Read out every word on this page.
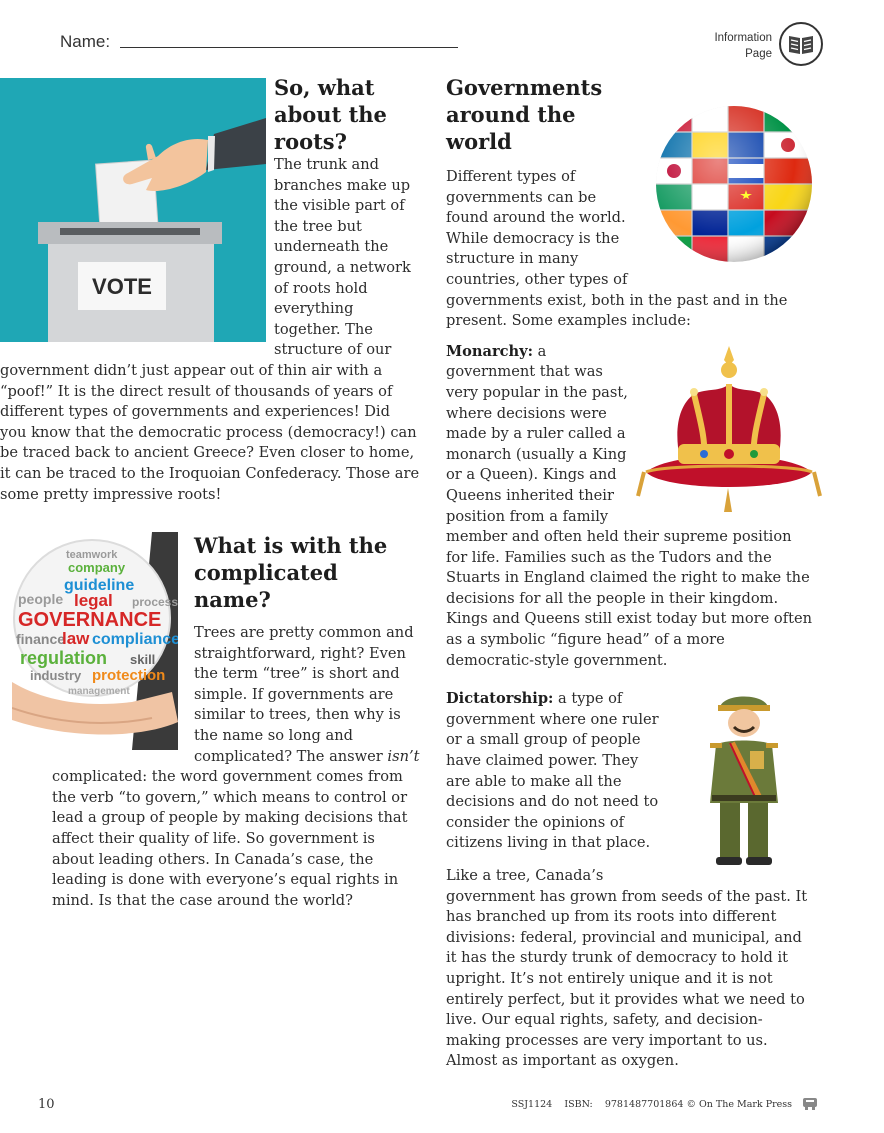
Name:	Information
Page
VOTE
So, what about the roots?

The trunk and branches make up the visible part of the tree but underneath the ground, a network of roots hold everything together. The structure of our government didn’t just appear out of thin air with a “poof!” It is the direct result of thousands of years of different types of governments and experiences! Did you know that the democratic process (democracy!) can be traced back to ancient Greece? Even closer to home, it can be traced to the Iroquoian Confederacy. Those are some pretty impressive roots!

teamwork
company
guideline
people legal process
GOVERNANCE
finance
law compliance
regulation skill
industry protection
management
What is with the complicated name?

Trees are pretty common and straightforward, right? Even the term “tree” is short and simple. If governments are similar to trees, then why is the name so long and complicated? The answer isn’t complicated: the word government comes from the verb “to govern,” which means to control or lead a group of people by making decisions that affect their quality of life. So government is about leading others. In Canada’s case, the leading is done with everyone’s equal rights in mind. Is that the case around the world?

Governments around the world

Different types of governments can be found around the world. While democracy is the structure in many countries, other types of governments exist, both in the past and in the present. Some examples include:

Monarchy: a government that was very popular in the past, where decisions were made by a ruler called a monarch (usually a King or a Queen). Kings and Queens inherited their position from a family member and often held their supreme position for life. Families such as the Tudors and the Stuarts in England claimed the right to make the decisions for all the people in their kingdom. Kings and Queens still exist today but more often as a symbolic “figure head” of a more democratic-style government.

Dictatorship: a type of government where one ruler or a small group of people have claimed power. They are able to make all the decisions and do not need to consider the opinions of citizens living in that place.

Like a tree, Canada’s government has grown from seeds of the past. It has branched up from its roots into different divisions: federal, provincial and municipal, and it has the sturdy trunk of democracy to hold it upright. It’s not entirely unique and it is not entirely perfect, but it provides what we need to live. Our equal rights, safety, and decision-making processes are very important to us. Almost as important as oxygen.

10	SSJ1124 ISBN: 9781487701864 © On The Mark Press
